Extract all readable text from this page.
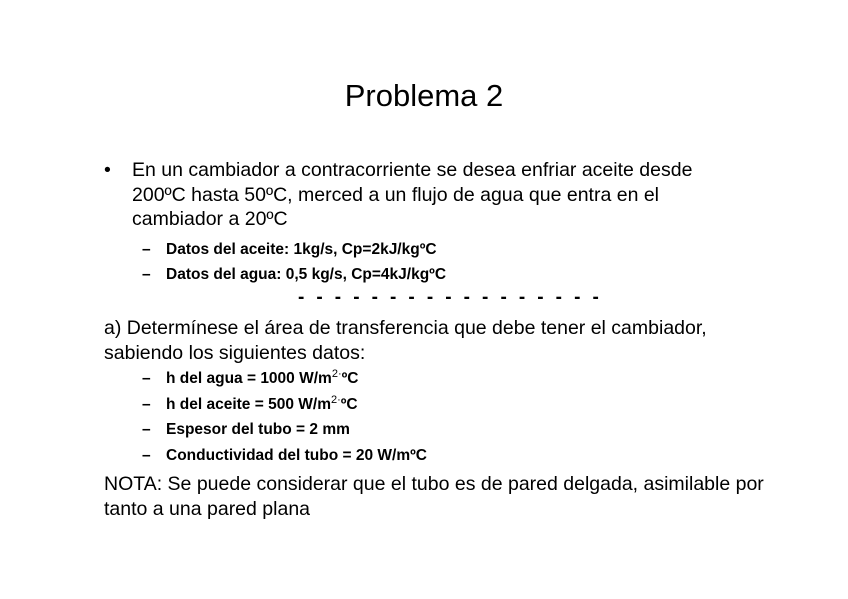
Problema 2
•	En un cambiador a contracorriente se desea enfriar aceite desde 200ºC hasta 50ºC, merced a un flujo de agua que entra en el cambiador a 20ºC
– Datos del aceite: 1kg/s, Cp=2kJ/kgºC
– Datos del agua: 0,5 kg/s, Cp=4kJ/kgºC
- - - - - - - - - - - - - - - - -
a) Determínese el área de transferencia que debe tener el cambiador, sabiendo los siguientes datos:
– h del agua = 1000 $W/m^{2\cdot}ºC$
– h del aceite = 500 $W/m^{2\cdot}ºC$
– Espesor del tubo = 2 mm
– Conductividad del tubo = 20 W/mºC
NOTA: Se puede considerar que el tubo es de pared delgada, asimilable por tanto a una pared plana
